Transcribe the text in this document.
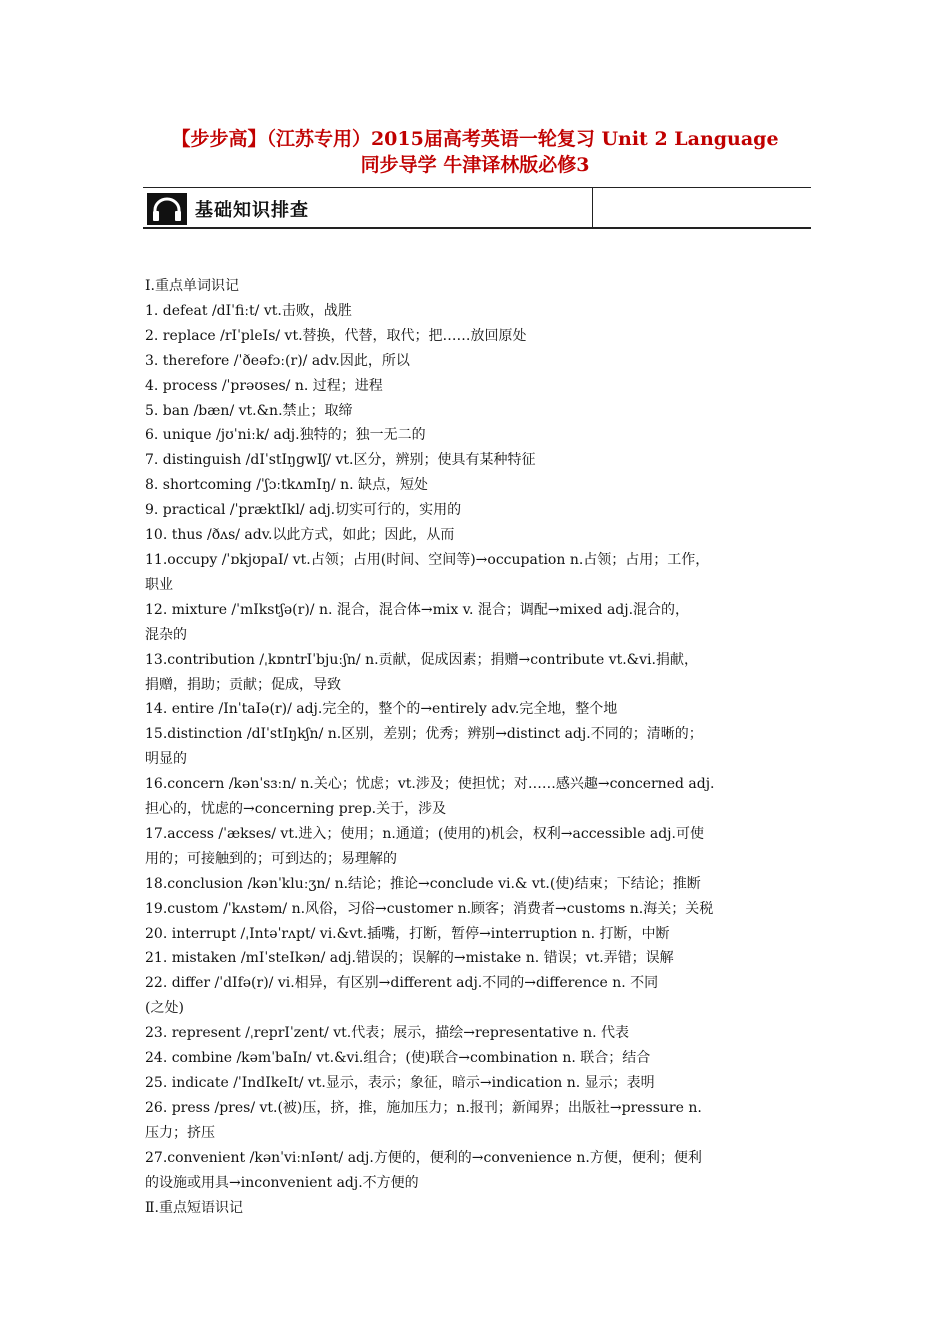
【步步高】（江苏专用）2015届高考英语一轮复习 Unit 2 Language
同步导学 牛津译林版必修3
基础知识排查
Ⅰ.重点单词识记
1. defeat /dIˈfiːt/ vt.击败，战胜
2. replace /rIˈpleIs/ vt.替换，代替，取代；把……放回原处
3. therefore /ˈðeəfɔː(r)/ adv.因此，所以
4. process /ˈprəʊses/ n. 过程；进程
5. ban /bæn/ vt.&n.禁止；取缔
6. unique /jʊˈniːk/ adj.独特的；独一无二的
7. distinguish /dIˈstIŋgwIʃ/ vt.区分，辨别；使具有某种特征
8. shortcoming /ˈʃɔːtkʌmIŋ/ n. 缺点，短处
9. practical /ˈpræktIkl/ adj.切实可行的，实用的
10. thus /ðʌs/ adv.以此方式，如此；因此，从而
11.occupy /ˈɒkjʊpaI/ vt.占领；占用(时间、空间等)→occupation n.占领；占用；工作，
职业
12. mixture /ˈmIkstʃə(r)/ n. 混合，混合体→mix v. 混合；调配→mixed adj.混合的，
混杂的
13.contribution /ˌkɒntrIˈbjuːʃn/ n.贡献，促成因素；捐赠→contribute vt.&vi.捐献，
捐赠，捐助；贡献；促成，导致
14. entire /InˈtaIə(r)/ adj.完全的，整个的→entirely adv.完全地，整个地
15.distinction /dIˈstIŋkʃn/ n.区别，差别；优秀；辨别→distinct adj.不同的；清晰的；
明显的
16.concern /kənˈsɜːn/ n.关心；忧虑；vt.涉及；使担忧；对……感兴趣→concerned adj.
担心的，忧虑的→concerning prep.关于，涉及
17.access /ˈækses/ vt.进入；使用；n.通道；(使用的)机会，权利→accessible adj.可使
用的；可接触到的；可到达的；易理解的
18.conclusion /kənˈkluːʒn/ n.结论；推论→conclude vi.& vt.(使)结束；下结论；推断
19.custom /ˈkʌstəm/ n.风俗，习俗→customer n.顾客；消费者→customs n.海关；关税
20. interrupt /ˌIntəˈrʌpt/ vi.&vt.插嘴，打断，暂停→interruption n. 打断，中断
21. mistaken /mIˈsteIkən/ adj.错误的；误解的→mistake n. 错误；vt.弄错；误解
22. differ /ˈdIfə(r)/ vi.相异，有区别→different adj.不同的→difference n. 不同
(之处)
23. represent /ˌreprIˈzent/ vt.代表；展示，描绘→representative n. 代表
24. combine /kəmˈbaIn/ vt.&vi.组合；(使)联合→combination n. 联合；结合
25. indicate /ˈIndIkeIt/ vt.显示，表示；象征，暗示→indication n. 显示；表明
26. press /pres/ vt.(被)压，挤，推，施加压力；n.报刊；新闻界；出版社→pressure n.
压力；挤压
27.convenient /kənˈviːnIənt/ adj.方便的，便利的→convenience n.方便，便利；便利
的设施或用具→inconvenient adj.不方便的
Ⅱ.重点短语识记
